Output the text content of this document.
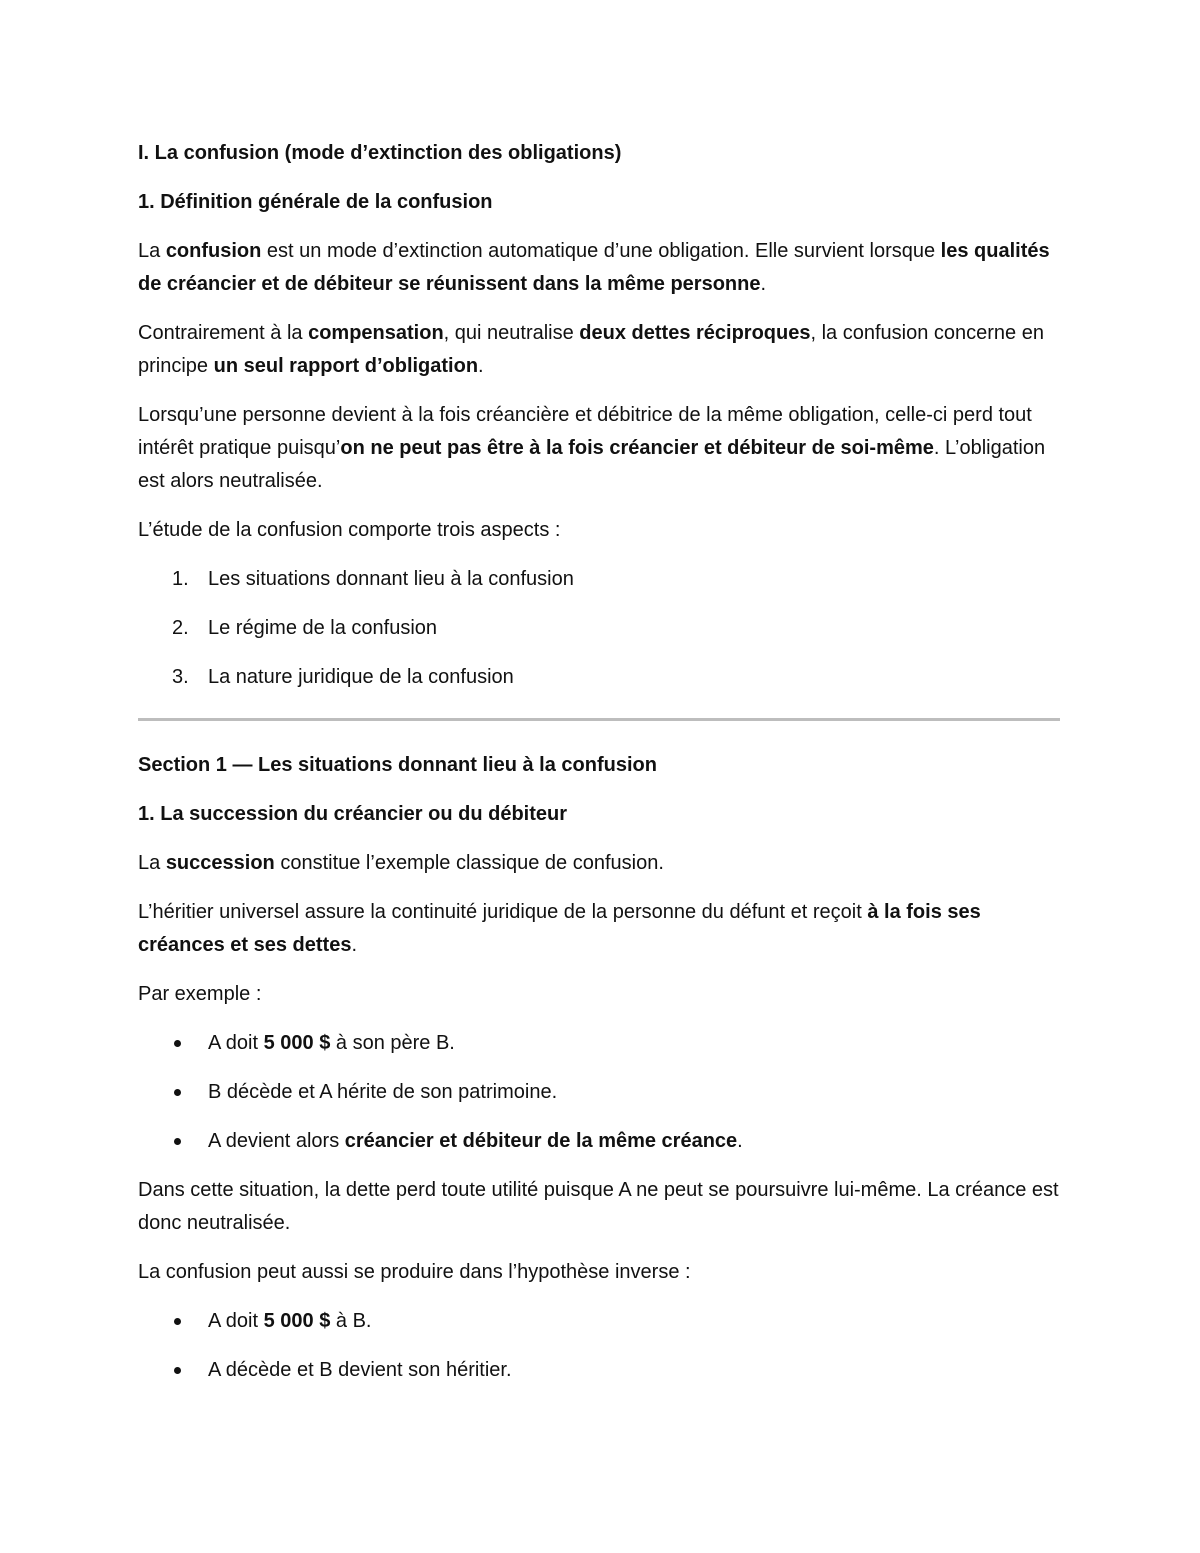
I. La confusion (mode d’extinction des obligations)

1. Définition générale de la confusion

La confusion est un mode d’extinction automatique d’une obligation. Elle survient lorsque les qualités de créancier et de débiteur se réunissent dans la même personne.

Contrairement à la compensation, qui neutralise deux dettes réciproques, la confusion concerne en principe un seul rapport d’obligation.

Lorsqu’une personne devient à la fois créancière et débitrice de la même obligation, celle-ci perd tout intérêt pratique puisqu’on ne peut pas être à la fois créancier et débiteur de soi-même. L’obligation est alors neutralisée.

L’étude de la confusion comporte trois aspects :

1. Les situations donnant lieu à la confusion
2. Le régime de la confusion
3. La nature juridique de la confusion

Section 1 — Les situations donnant lieu à la confusion

1. La succession du créancier ou du débiteur

La succession constitue l’exemple classique de confusion.

L’héritier universel assure la continuité juridique de la personne du défunt et reçoit à la fois ses créances et ses dettes.

Par exemple :

A doit 5 000 $ à son père B.
B décède et A hérite de son patrimoine.
A devient alors créancier et débiteur de la même créance.

Dans cette situation, la dette perd toute utilité puisque A ne peut se poursuivre lui-même. La créance est donc neutralisée.

La confusion peut aussi se produire dans l’hypothèse inverse :

A doit 5 000 $ à B.
A décède et B devient son héritier.
